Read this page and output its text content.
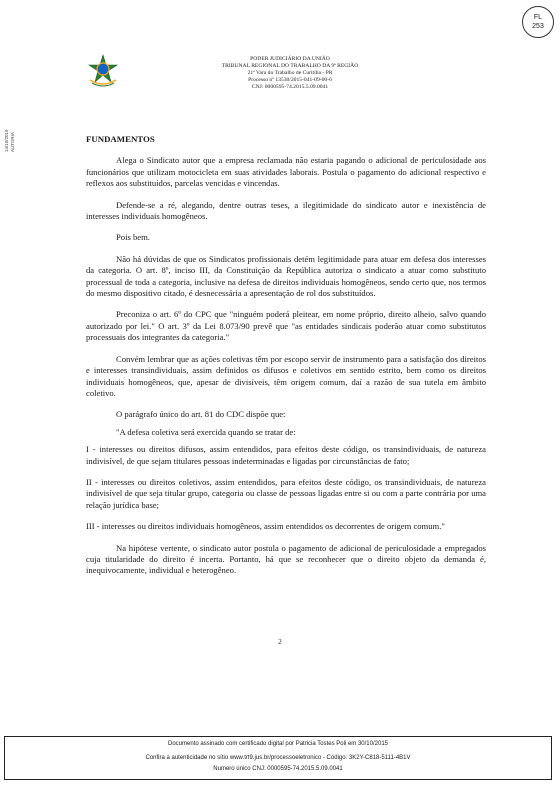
FL
253
14/10/2019 AUTORIA
PODER JUDICIÁRIO DA UNIÃO
TRIBUNAL REGIONAL DO TRABALHO DA 9ª REGIÃO
21ª Vara do Trabalho de Curitiba - PR
Processo nº 13530/2015-041-09-00-6
CNJ: 0000595-74.2015.5.09.0041

FUNDAMENTOS

Alega o Sindicato autor que a empresa reclamada não estaria pagando o adicional de periculosidade aos funcionários que utilizam motocicleta em suas atividades laborais. Postula o pagamento do adicional respectivo e reflexos aos substituídos, parcelas vencidas e vincendas.

Defende-se a ré, alegando, dentre outras teses, a ilegitimidade do sindicato autor e inexistência de interesses individuais homogêneos.

Pois bem.

Não há dúvidas de que os Sindicatos profissionais detém legitimidade para atuar em defesa dos interesses da categoria. O art. 8º, inciso III, da Constituição da República autoriza o sindicato a atuar como substituto processual de toda a categoria, inclusive na defesa de direitos individuais homogêneos, sendo certo que, nos termos do mesmo dispositivo citado, é desnecessária a apresentação de rol dos substituídos.

Preconiza o art. 6º do CPC que "ninguém poderá pleitear, em nome próprio, direito alheio, salvo quando autorizado por lei." O art. 3º da Lei 8.073/90 prevê que "as entidades sindicais poderão atuar como substitutos processuais dos integrantes da categoria."

Convém lembrar que as ações coletivas têm por escopo servir de instrumento para a satisfação dos direitos e interesses transindividuais, assim definidos os difusos e coletivos em sentido estrito, bem como os direitos individuais homogêneos, que, apesar de divisíveis, têm origem comum, daí a razão de sua tutela em âmbito coletivo.

O parágrafo único do art. 81 do CDC dispõe que:

"A defesa coletiva será exercida quando se tratar de:

I - interesses ou direitos difusos, assim entendidos, para efeitos deste código, os transindividuais, de natureza indivisível, de que sejam titulares pessoas indeterminadas e ligadas por circunstâncias de fato;

II - interesses ou direitos coletivos, assim entendidos, para efeitos deste código, os transindividuais, de natureza indivisível de que seja titular grupo, categoria ou classe de pessoas ligadas entre si ou com a parte contrária por uma relação jurídica base;

III - interesses ou direitos individuais homogêneos, assim entendidos os decorrentes de origem comum."

Na hipótese vertente, o sindicato autor postula o pagamento de adicional de periculosidade a empregados cuja titularidade do direito é incerta. Portanto, há que se reconhecer que o direito objeto da demanda é, inequivocamente, individual e heterogêneo.

2
Documento assinado com certificado digital por Patricia Tostes Poli em 30/10/2015
Confira a autenticidade no sítio www.trt9.jus.br/processoeletronico - Código: 3K2Y-C818-5111-4B1V
Numero único CNJ: 0000595-74.2015.5.09.0041
